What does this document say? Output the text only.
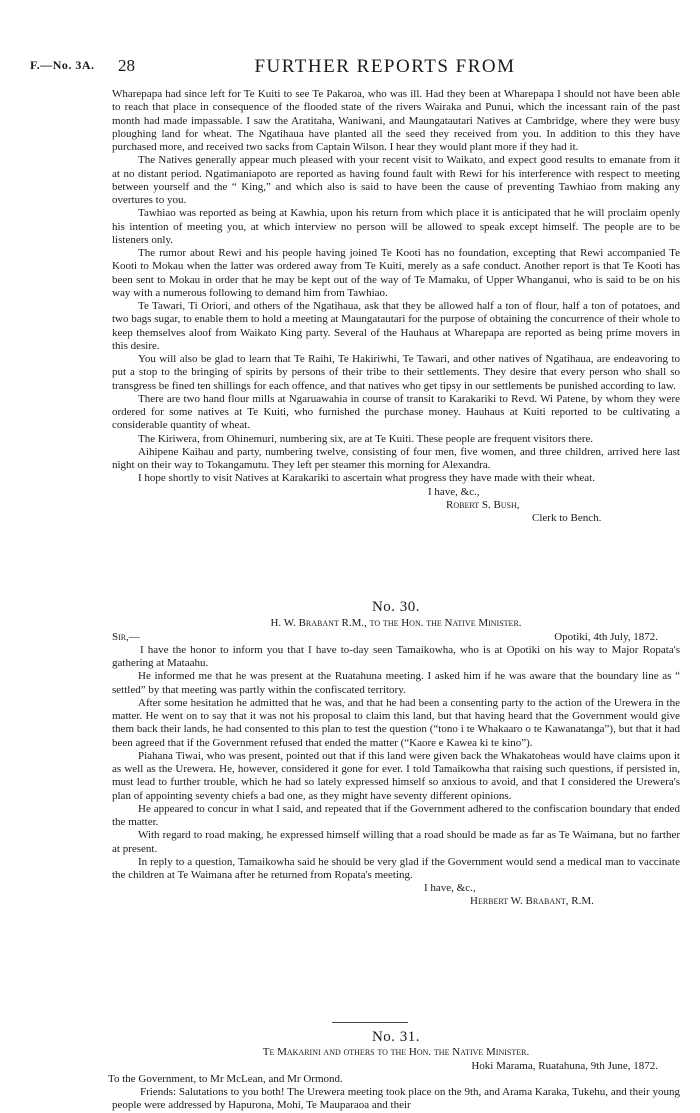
F.—No. 3A. 28	FURTHER REPORTS FROM

Wharepapa had since left for Te Kuiti to see Te Pakaroa, who was ill. Had they been at Wharepapa I should not have been able to reach that place in consequence of the flooded state of the rivers Wairaka and Punui, which the incessant rain of the past month had made impassable. I saw the Aratitaha, Waniwani, and Maungatautari Natives at Cambridge, where they were busy ploughing land for wheat. The Ngatihaua have planted all the seed they received from you. In addition to this they have purchased more, and received two sacks from Captain Wilson. I hear they would plant more if they had it.

The Natives generally appear much pleased with your recent visit to Waikato, and expect good results to emanate from it at no distant period. Ngatimaniapoto are reported as having found fault with Rewi for his interference with respect to meeting between yourself and the “ King,” and which also is said to have been the cause of preventing Tawhiao from making any overtures to you.

Tawhiao was reported as being at Kawhia, upon his return from which place it is anticipated that he will proclaim openly his intention of meeting you, at which interview no person will be allowed to speak except himself. The people are to be listeners only.

The rumor about Rewi and his people having joined Te Kooti has no foundation, excepting that Rewi accompanied Te Kooti to Mokau when the latter was ordered away from Te Kuiti, merely as a safe conduct. Another report is that Te Kooti has been sent to Mokau in order that he may be kept out of the way of Te Mamaku, of Upper Whanganui, who is said to be on his way with a numerous following to demand him from Tawhiao.

Te Tawari, Ti Oriori, and others of the Ngatihaua, ask that they be allowed half a ton of flour, half a ton of potatoes, and two bags sugar, to enable them to hold a meeting at Maungatautari for the purpose of obtaining the concurrence of their whole to keep themselves aloof from Waikato King party. Several of the Hauhaus at Wharepapa are reported as being prime movers in this desire.

You will also be glad to learn that Te Raihi, Te Hakiriwhi, Te Tawari, and other natives of Ngatihaua, are endeavoring to put a stop to the bringing of spirits by persons of their tribe to their settlements. They desire that every person who shall so transgress be fined ten shillings for each offence, and that natives who get tipsy in our settlements be punished according to law.

There are two hand flour mills at Ngaruawahia in course of transit to Karakariki to Revd. Wi Patene, by whom they were ordered for some natives at Te Kuiti, who furnished the purchase money. Hauhaus at Kuiti reported to be cultivating a considerable quantity of wheat.

The Kiriwera, from Ohinemuri, numbering six, are at Te Kuiti. These people are frequent visitors there.

Aihipene Kaihau and party, numbering twelve, consisting of four men, five women, and three children, arrived here last night on their way to Tokangamutu. They left per steamer this morning for Alexandra.

I hope shortly to visit Natives at Karakariki to ascertain what progress they have made with their wheat.

I have, &c.,
Robert S. Bush,
Clerk to Bench.

No. 30.

H. W. Brabant R.M., to the Hon. the Native Minister.

Sir,—	Opotiki, 4th July, 1872.

I have the honor to inform you that I have to-day seen Tamaikowha, who is at Opotiki on his way to Major Ropata's gathering at Mataahu.

He informed me that he was present at the Ruatahuna meeting. I asked him if he was aware that the boundary line as “ settled” by that meeting was partly within the confiscated territory.

After some hesitation he admitted that he was, and that he had been a consenting party to the action of the Urewera in the matter. He went on to say that it was not his proposal to claim this land, but that having heard that the Government would give them back their lands, he had consented to this plan to test the question (“tono i te Whakaaro o te Kawanatanga”), but that it had been agreed that if the Government refused that ended the matter (“Kaore e Kawea ki te kino”).

Piahana Tiwai, who was present, pointed out that if this land were given back the Whakatoheas would have claims upon it as well as the Urewera. He, however, considered it gone for ever. I told Tamaikowha that raising such questions, if persisted in, must lead to further trouble, which he had so lately expressed himself so anxious to avoid, and that I considered the Urewera's plan of appointing seventy chiefs a bad one, as they might have seventy different opinions.

He appeared to concur in what I said, and repeated that if the Government adhered to the confiscation boundary that ended the matter.

With regard to road making, he expressed himself willing that a road should be made as far as Te Waimana, but no farther at present.

In reply to a question, Tamaikowha said he should be very glad if the Government would send a medical man to vaccinate the children at Te Waimana after he returned from Ropata's meeting.

I have, &c.,
Herbert W. Brabant, R.M.

No. 31.

Te Makarini and others to the Hon. the Native Minister.

Hoki Marama, Ruatahuna, 9th June, 1872.

To the Government, to Mr McLean, and Mr Ormond.

Friends: Salutations to you both! The Urewera meeting took place on the 9th, and Arama Karaka, Tukehu, and their young people were addressed by Hapurona, Mohi, Te Mauparaoa and their
